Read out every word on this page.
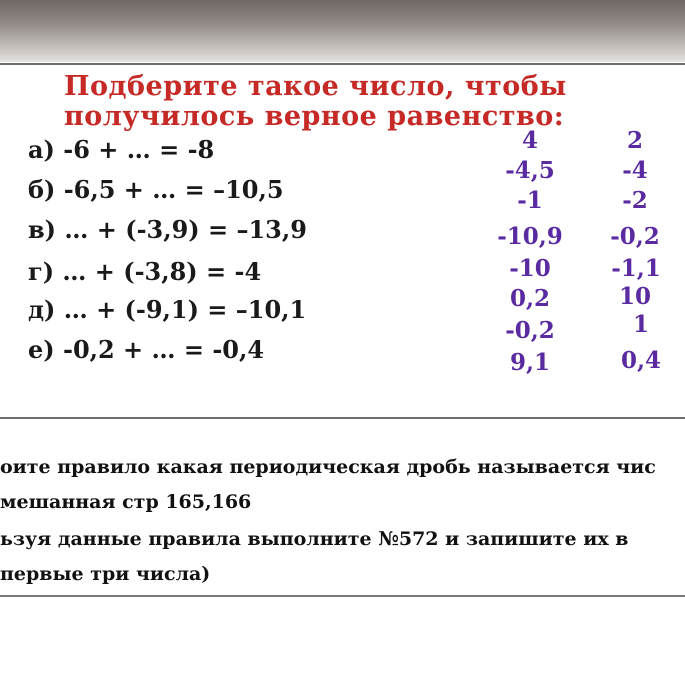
Подберите такое число, чтобы
получилось верное равенство:
а) -6 + … = -8
б) -6,5 + … = –10,5
в) … + (-3,9) = –13,9
г) … + (-3,8) = -4
д) … + (-9,1) = –10,1
е) -0,2 + … = -0,4
4
-4,5
-1
-10,9
-10
0,2
-0,2
9,1
2
-4
-2
-0,2
-1,1
10
1
0,4
оите правило какая периодическая дробь называется чис
мешанная стр 165,166
ьзуя данные правила выполните №572 и запишите их в
первые три числа)
